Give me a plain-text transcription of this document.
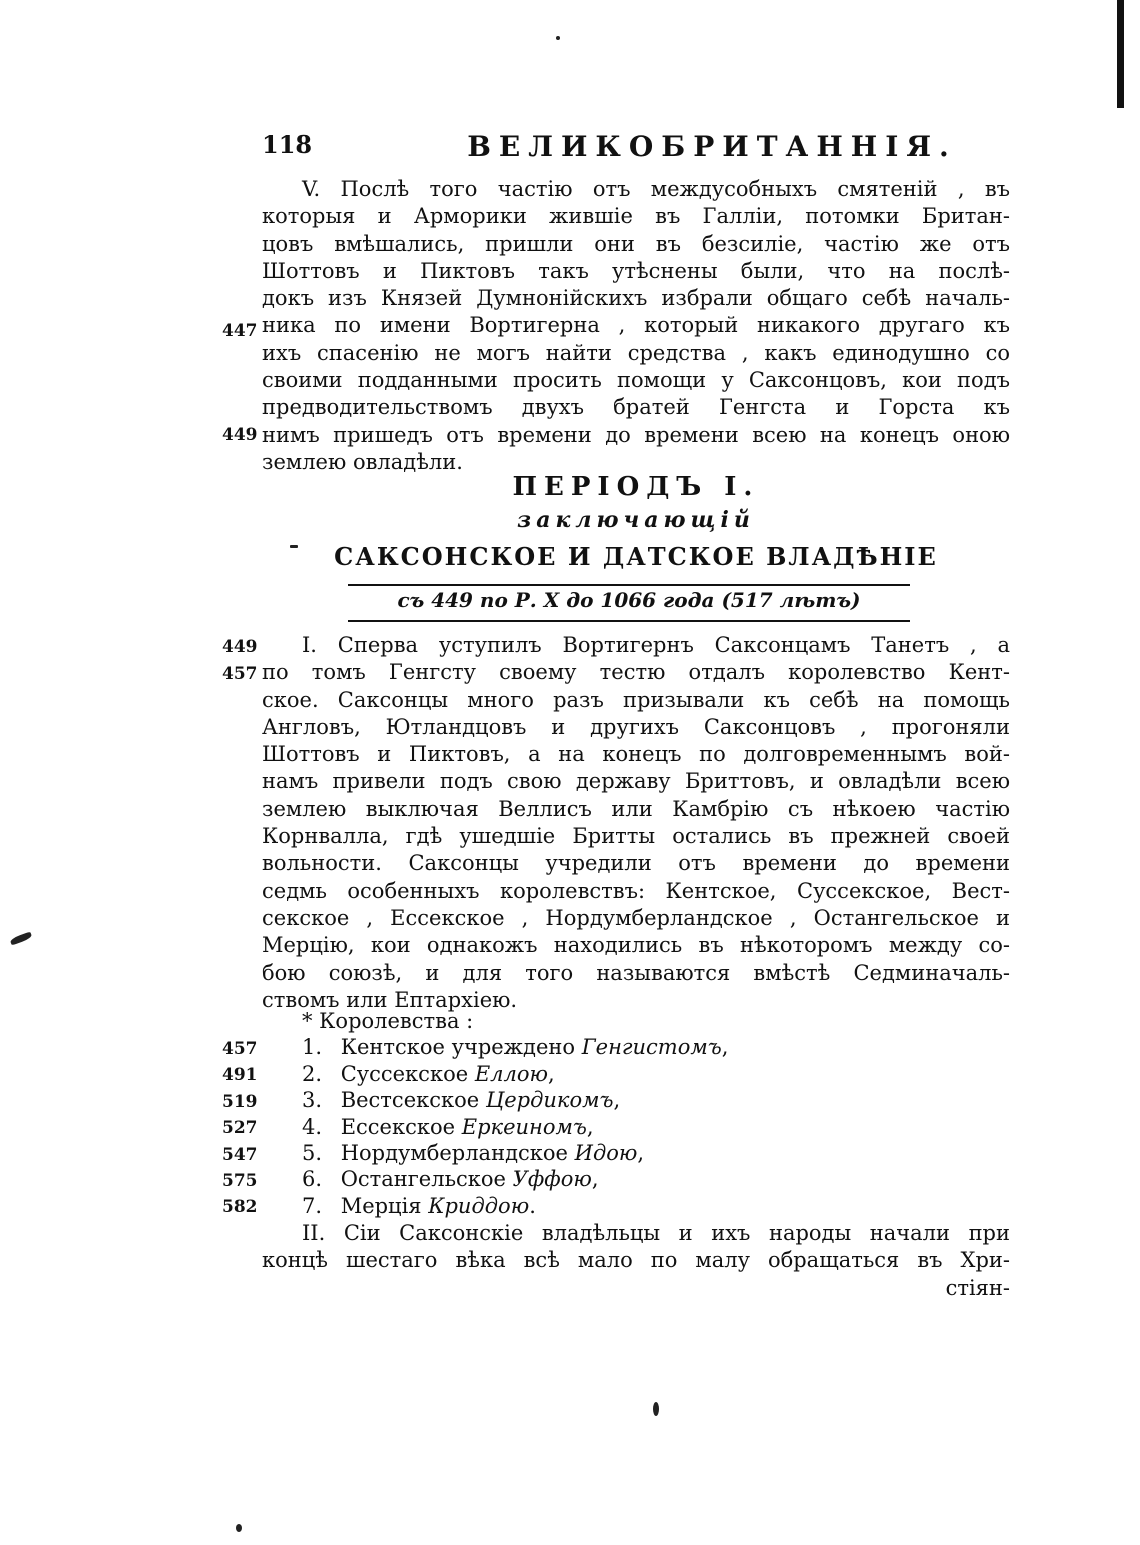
118	ВЕЛИКОБРИТАННІЯ.
447
449
V. Послѣ того частію отъ междусобныхъ смятеній , въ
которыя и Арморики жившіе въ Галліи, потомки Британ-
цовъ вмѣшались, пришли они въ безсиліе, частію же отъ
Шоттовъ и Пиктовъ такъ утѣснены были, что на послѣ-
докъ изъ Князей Думнонійскихъ избрали общаго себѣ началь-
ника по имени Вортигерна , который никакого другаго къ
ихъ спасенію не могъ найти средства , какъ единодушно со
своими подданными просить помощи у Саксонцовъ, кои подъ
предводительствомъ двухъ братей Генгста и Горста къ
нимъ пришедъ отъ времени до времени всею на конецъ оною
землею овладѣли.
ПЕРІОДЪ I.
заключающій
САКСОНСКОЕ И ДАТСКОЕ ВЛАДѢНІЕ
съ 449 по Р. X до 1066 года (517 лѣтъ)
449
457
I. Сперва уступилъ Вортигернъ Саксонцамъ Танетъ , а
по томъ Генгсту своему тестю отдалъ королевство Кент-
ское. Саксонцы много разъ призывали къ себѣ на помощь
Англовъ, Ютландцовъ и другихъ Саксонцовъ , прогоняли
Шоттовъ и Пиктовъ, а на конецъ по долговременнымъ вой-
намъ привели подъ свою державу Бриттовъ, и овладѣли всею
землею выключая Веллисъ или Камбрію съ нѣкоею частію
Корнвалла, гдѣ ушедшіе Бритты остались въ прежней своей
вольности. Саксонцы учредили отъ времени до времени
седмь особенныхъ королевствъ: Кентское, Суссекское, Вест-
секское , Ессекское , Нордумберландское , Остангельское и
Мерцію, кои однакожъ находились въ нѣкоторомъ между со-
бою союзѣ, и для того называются вмѣстѣ Седминачаль-
ствомъ или Ептархіею.
457
491
519
527
547
575
582
* Королевства :
1. Кентское учреждено Генгистомъ,
2. Суссекское Еллою,
3. Вестсекское Цердикомъ,
4. Ессекское Еркеиномъ,
5. Нордумберландское Идою,
6. Остангельское Уффою,
7. Мерція Криддою.
II. Сіи Саксонскіе владѣльцы и ихъ народы начали при
концѣ шестаго вѣка всѣ мало по малу обращаться въ Хри-
стіян-
